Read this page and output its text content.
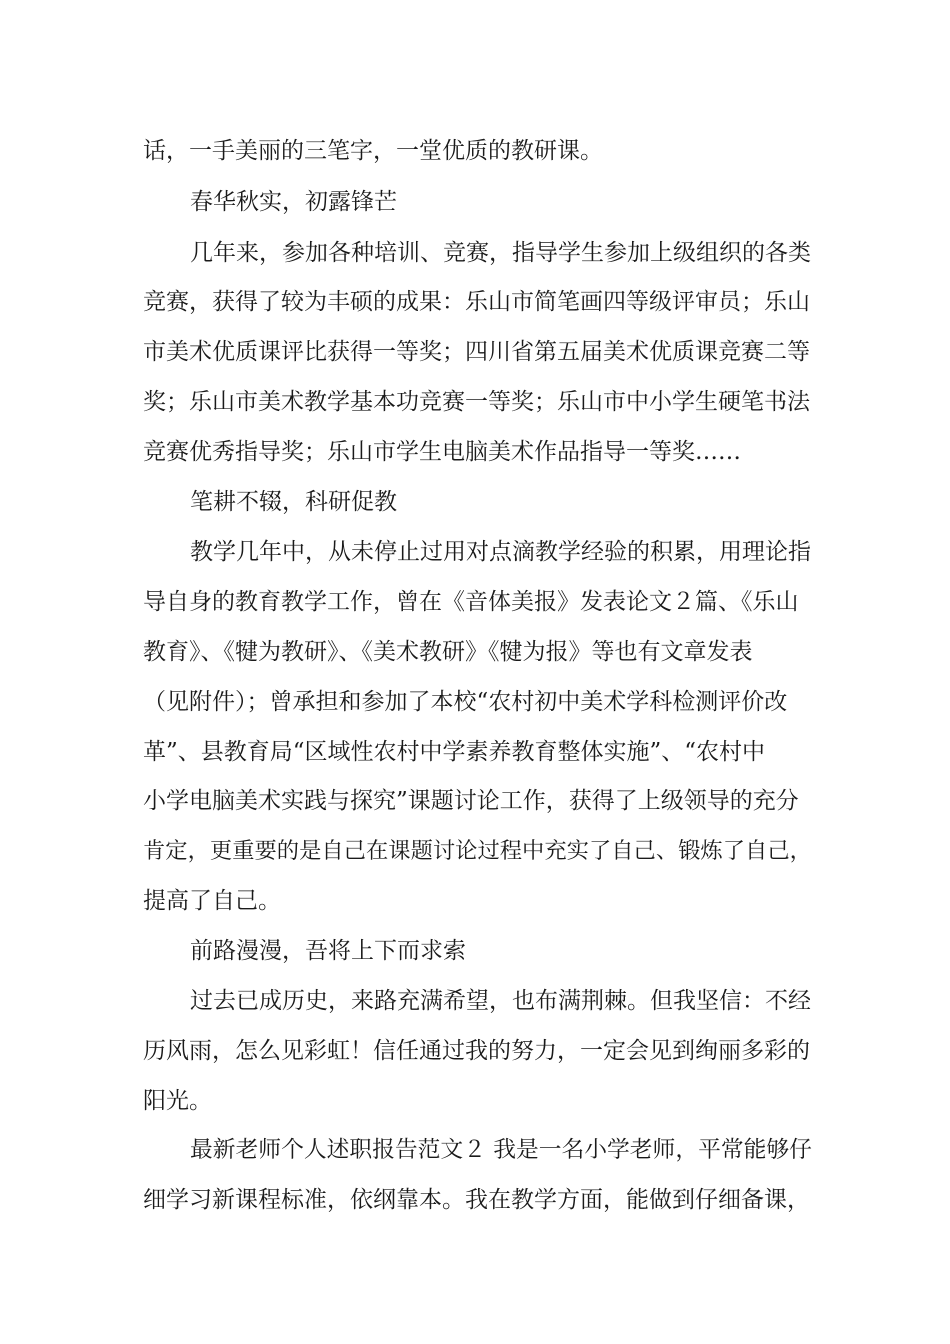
话，一手美丽的三笔字，一堂优质的教研课。
春华秋实，初露锋芒
几年来，参加各种培训、竞赛，指导学生参加上级组织的各类
竞赛，获得了较为丰硕的成果：乐山市简笔画四等级评审员；乐山
市美术优质课评比获得一等奖；四川省第五届美术优质课竞赛二等
奖；乐山市美术教学基本功竞赛一等奖；乐山市中小学生硬笔书法
竞赛优秀指导奖；乐山市学生电脑美术作品指导一等奖……
笔耕不辍，科研促教
教学几年中，从未停止过用对点滴教学经验的积累，用理论指
导自身的教育教学工作，曾在《音体美报》发表论文２篇、《乐山
教育》、《犍为教研》、《美术教研》《犍为报》等也有文章发表
（见附件）；曾承担和参加了本校“农村初中美术学科检测评价改
革”、县教育局“区域性农村中学素养教育整体实施”、“农村中
小学电脑美术实践与探究”课题讨论工作，获得了上级领导的充分
肯定，更重要的是自己在课题讨论过程中充实了自己、锻炼了自己，
提高了自己。
前路漫漫，吾将上下而求索
过去已成历史，来路充满希望，也布满荆棘。但我坚信：不经
历风雨，怎么见彩虹！信任通过我的努力，一定会见到绚丽多彩的
阳光。
最新老师个人述职报告范文２ 我是一名小学老师，平常能够仔
细学习新课程标准，依纲靠本。我在教学方面，能做到仔细备课，
